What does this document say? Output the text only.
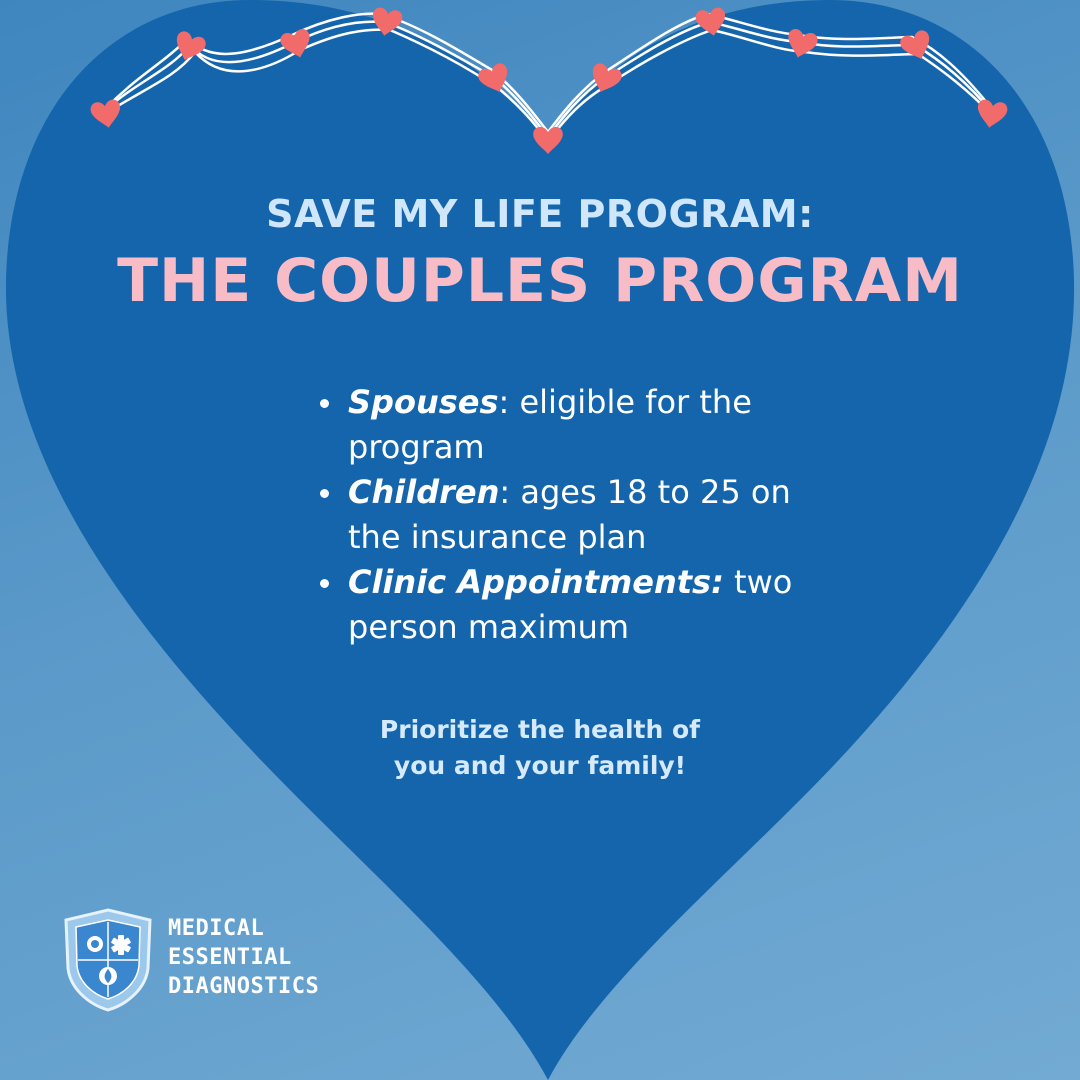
SAVE MY LIFE PROGRAM:
THE COUPLES PROGRAM
Spouses: eligible for the program
Children: ages 18 to 25 on the insurance plan
Clinic Appointments: two person maximum
Prioritize the health of
you and your family!
MEDICAL
ESSENTIAL
DIAGNOSTICS
